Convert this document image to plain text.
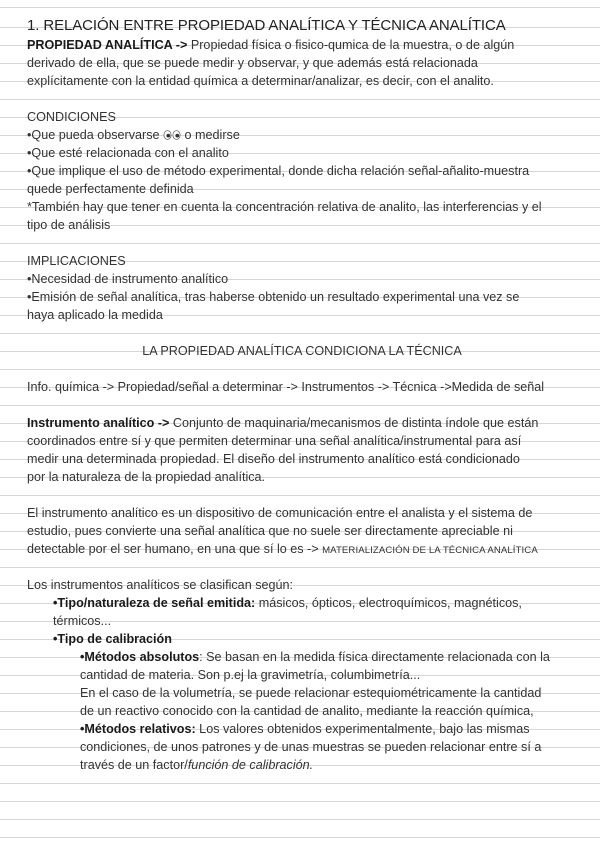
1. RELACIÓN ENTRE PROPIEDAD ANALÍTICA Y TÉCNICA ANALÍTICA
PROPIEDAD ANALÍTICA -> Propiedad física o fisico-qumica de la muestra, o de algún
derivado de ella, que se puede medir y observar, y que además está relacionada
explícitamente con la entidad química a determinar/analizar, es decir, con el analito.
CONDICIONES
•Que pueda observarse  o medirse
•Que esté relacionada con el analito
•Que implique el uso de método experimental, donde dicha relación señal-añalito-muestra
quede perfectamente definida
*También hay que tener en cuenta la concentración relativa de analito, las interferencias y el
tipo de análisis
IMPLICACIONES
•Necesidad de instrumento analítico
•Emisión de señal analítica, tras haberse obtenido un resultado experimental una vez se
haya aplicado la medida
LA PROPIEDAD ANALÍTICA CONDICIONA LA TÉCNICA
Info. química -> Propiedad/señal a determinar -> Instrumentos -> Técnica ->Medida de señal
Instrumento analítico -> Conjunto de maquinaria/mecanismos de distinta índole que están
coordinados entre sí y que permiten determinar una señal analítica/instrumental para así
medir una determinada propiedad. El diseño del instrumento analítico está condicionado
por la naturaleza de la propiedad analítica.
El instrumento analítico es un dispositivo de comunicación entre el analista y el sistema de
estudio, pues convierte una señal analítica que no suele ser directamente apreciable ni
detectable por el ser humano, en una que sí lo es -> MATERIALIZACIÓN DE LA TÉCNICA ANALÍTICA
Los instrumentos analíticos se clasifican según:
•Tipo/naturaleza de señal emitida: másicos, ópticos, electroquímicos, magnéticos,
térmicos...
•Tipo de calibración
•Métodos absolutos: Se basan en la medida física directamente relacionada con la
cantidad de materia. Son p.ej la gravimetría, columbimetría...
En el caso de la volumetría, se puede relacionar estequiométricamente la cantidad
de un reactivo conocido con la cantidad de analito, mediante la reacción química,
•Métodos relativos: Los valores obtenidos experimentalmente, bajo las mismas
condiciones, de unos patrones y de unas muestras se pueden relacionar entre sí a
través de un factor/función de calibración.
